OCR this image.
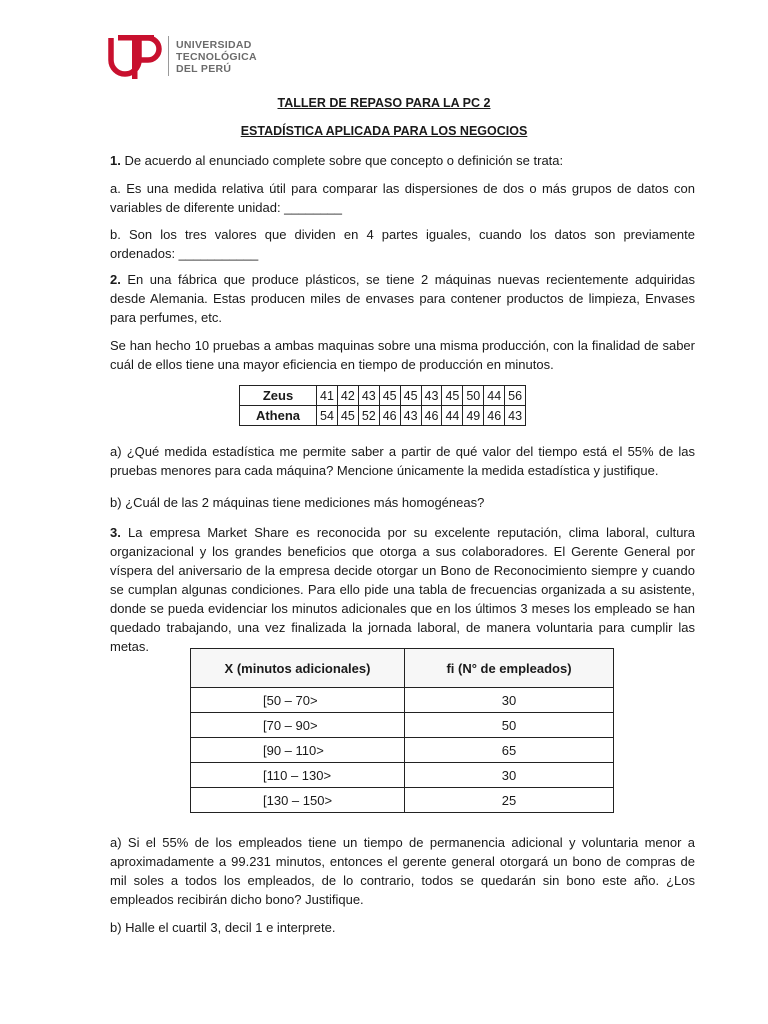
UNIVERSIDAD
TECNOLÓGICA
DEL PERÚ
TALLER DE REPASO PARA LA PC 2
ESTADÍSTICA APLICADA PARA LOS NEGOCIOS
1. De acuerdo al enunciado complete sobre que concepto o definición se trata:
a. Es una medida relativa útil para comparar las dispersiones de dos o más grupos de datos con variables de diferente unidad: ________
b. Son los tres valores que dividen en 4 partes iguales, cuando los datos son previamente ordenados: ___________
2. En una fábrica que produce plásticos, se tiene 2 máquinas nuevas recientemente adquiridas desde Alemania. Estas producen miles de envases para contener productos de limpieza, Envases para perfumes, etc.
Se han hecho 10 pruebas a ambas maquinas sobre una misma producción, con la finalidad de saber cuál de ellos tiene una mayor eficiencia en tiempo de producción en minutos.
Zeus	41	42	43	45	45	43	45	50	44	56
Athena	54	45	52	46	43	46	44	49	46	43
a) ¿Qué medida estadística me permite saber a partir de qué valor del tiempo está el 55% de las pruebas menores para cada máquina? Mencione únicamente la medida estadística y justifique.
b) ¿Cuál de las 2 máquinas tiene mediciones más homogéneas?
3. La empresa Market Share es reconocida por su excelente reputación, clima laboral, cultura organizacional y los grandes beneficios que otorga a sus colaboradores. El Gerente General por víspera del aniversario de la empresa decide otorgar un Bono de Reconocimiento siempre y cuando se cumplan algunas condiciones. Para ello pide una tabla de frecuencias organizada a su asistente, donde se pueda evidenciar los minutos adicionales que en los últimos 3 meses los empleado se han quedado trabajando, una vez finalizada la jornada laboral, de manera voluntaria para cumplir las metas.
X (minutos adicionales)	fi (N° de empleados)
[50 – 70>	30
[70 – 90>	50
[90 – 110>	65
[110 – 130>	30
[130 – 150>	25
a) Si el 55% de los empleados tiene un tiempo de permanencia adicional y voluntaria menor a aproximadamente a 99.231 minutos, entonces el gerente general otorgará un bono de compras de mil soles a todos los empleados, de lo contrario, todos se quedarán sin bono este año. ¿Los empleados recibirán dicho bono? Justifique.
b) Halle el cuartil 3, decil 1 e interprete.
